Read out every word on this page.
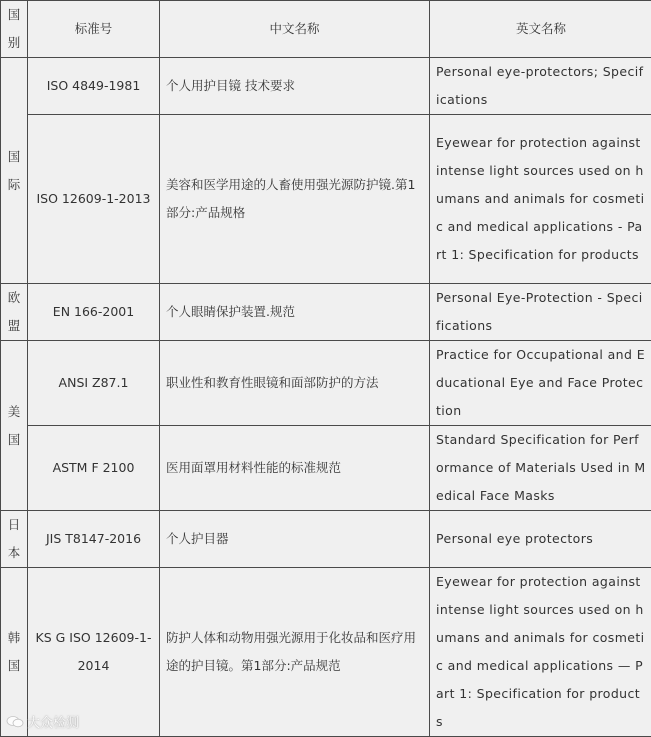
国别	标准号	中文名称	英文名称
国际	ISO 4849-1981	个人用护目镜 技术要求	Personal eye-protectors; Specifications
	ISO 12609-1-2013	美容和医学用途的人畜使用强光源防护镜.第1部分:产品规格	Eyewear for protection against intense light sources used on humans and animals for cosmetic and medical applications - Part 1: Specification for products
欧盟	EN 166-2001	个人眼睛保护装置.规范	Personal Eye-Protection - Specifications
美国	ANSI Z87.1	职业性和教育性眼镜和面部防护的方法	Practice for Occupational and Educational Eye and Face Protection
	ASTM F 2100	医用面罩用材料性能的标准规范	Standard Specification for Performance of Materials Used in Medical Face Masks
日本	JIS T8147-2016	个人护目器	Personal eye protectors
韩国	KS G ISO 12609-1-2014	防护人体和动物用强光源用于化妆品和医疗用途的护目镜。第1部分:产品规范	Eyewear for protection against intense light sources used on humans and animals for cosmetic and medical applications — Part 1: Specification for products
大众检测
